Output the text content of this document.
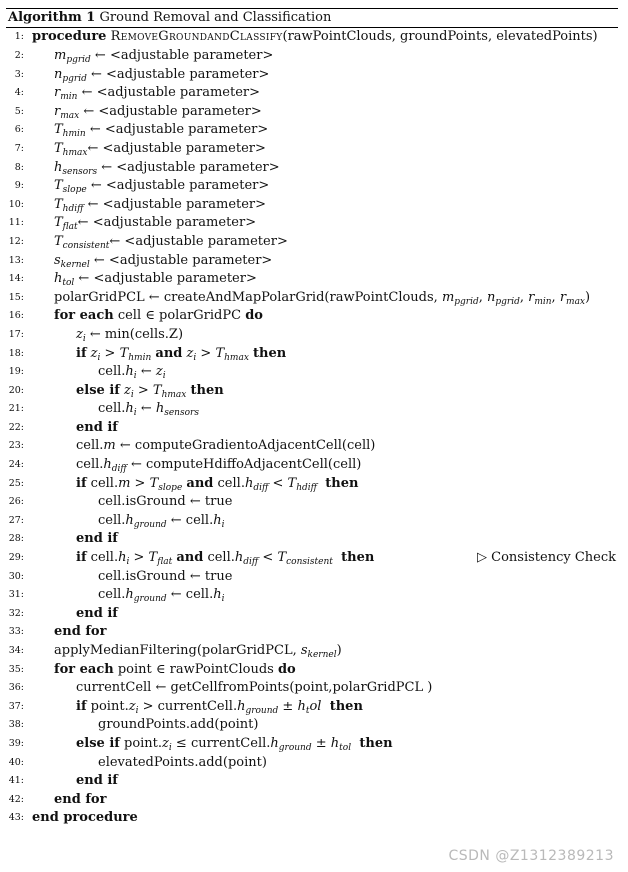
Algorithm 1 Ground Removal and Classification
1: procedure RemoveGroundandClassify(rawPointClouds, groundPoints, elevatedPoints)
2:	$m_{pgrid}$ ← <adjustable parameter>
3:	$n_{pgrid}$ ← <adjustable parameter>
4:	$r_{min}$ ← <adjustable parameter>
5:	$r_{max}$ ← <adjustable parameter>
6:	$T_{hmin}$ ← <adjustable parameter>
7:	$T_{hmax}\leftarrow$ <adjustable parameter>
8:	$h_{sensors}$ ← <adjustable parameter>
9:	$T_{slope}$ ← <adjustable parameter>
10:	$T_{hdiff}$ ← <adjustable parameter>
11:	$T_{flat}\leftarrow$ <adjustable parameter>
12:	$T_{consistent}\leftarrow$ <adjustable parameter>
13:	$s_{kernel}$ ← <adjustable parameter>
14:	$h_{tol}$ ← <adjustable parameter>
15:	polarGridPCL ← createAndMapPolarGrid(rawPointClouds, $m_{pgrid}$, $n_{pgrid}$, $r_{min}$, $r_{max}$)
16:	for each cell ∈ polarGridPC do
17:	$z_i$ ← min(cells.Z)
18:	if $z_i > T_{hmin}$ and $z_i > T_{hmax}$ then
19:	$cell.h_i$ ← $z_i$
20:	else if $z_i > T_{hmax}$ then
21:	$cell.h_i$ ← $h_{sensors}$
22:	end if
23:	cell.m ← computeGradientoAdjacentCell(cell)
24:	$cell.h_{diff}$ ← computeHdiffoAdjacentCell(cell)
25:	if cell.m > $T_{slope}$ and $cell.h_{diff} < T_{hdiff}$ then
26:	cell.isGround ← true
27:	$cell.h_{ground}$ ← $cell.h_i$
28:	end if
29:	if $cell.h_i > T_{flat}$ and $cell.h_{diff} < T_{consistent}$ then	▷ Consistency Check
30:	cell.isGround ← true
31:	$cell.h_{ground}$ ← $cell.h_i$
32:	end if
33:	end for
34:	applyMedianFiltering(polarGridPCL, $s_{kernel}$)
35:	for each point ∈ rawPointClouds do
36:	currentCell ← getCellfromPoints(point,polarGridPCL )
37:	if $point.z_i$ > $currentCell.h_{ground} \pm h_tol$ then
38:	groundPoints.add(point)
39:	else if $point.z_i$ ≤ $currentCell.h_{ground} \pm h_{tol}$ then
40:	elevatedPoints.add(point)
41:	end if
42:	end for
43: end procedure
CSDN @Z1312389213
